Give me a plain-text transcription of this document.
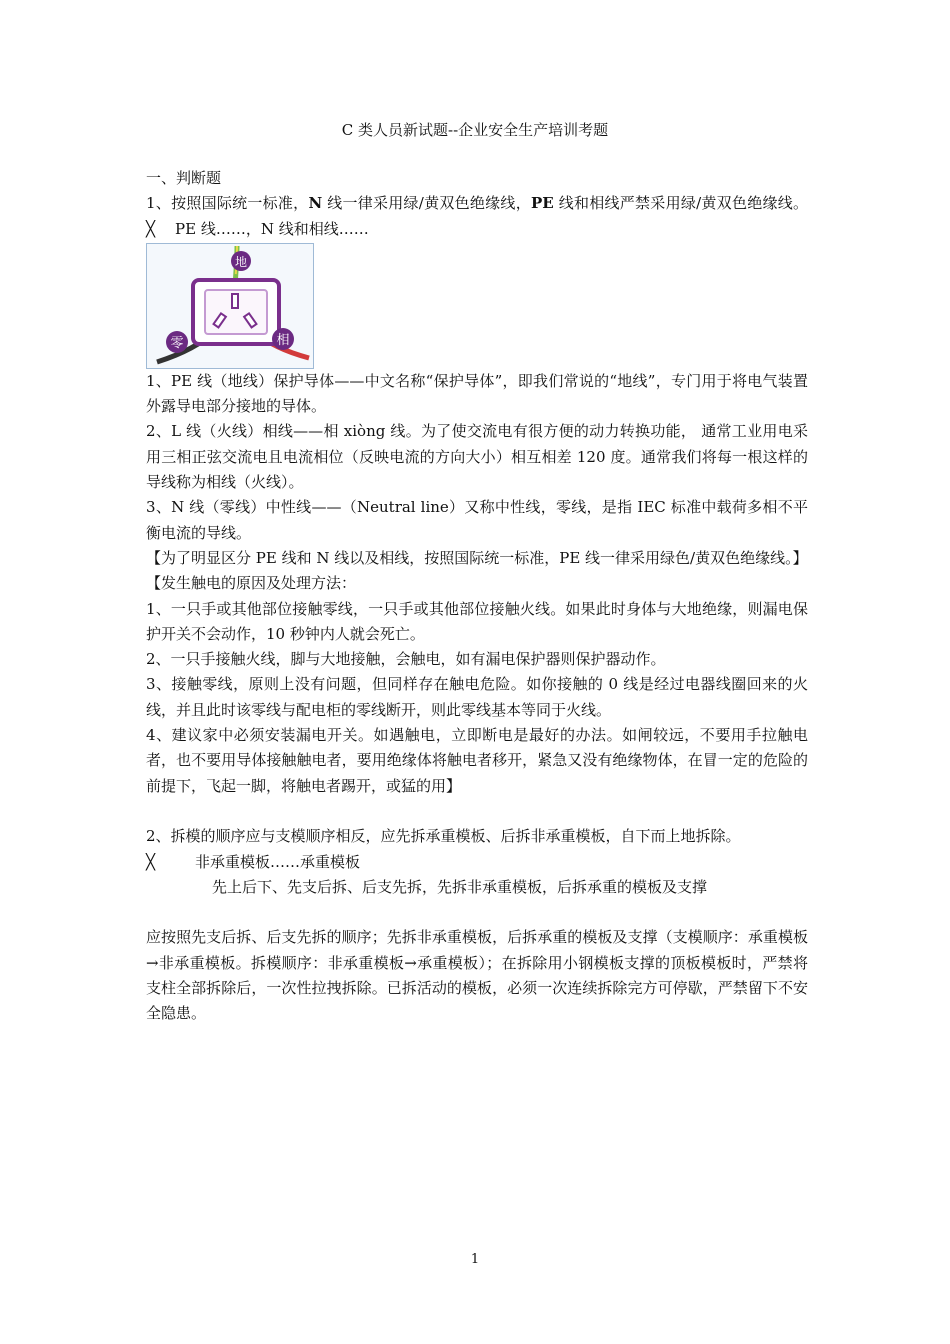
C 类人员新试题--企业安全生产培训考题

一、判断题

1、按照国际统一标准，N 线一律采用绿/黄双色绝缘线，PE 线和相线严禁采用绿/黄双色绝缘线。╳ PE 线……，N 线和相线……

地
零	相

1、PE 线（地线）保护导体——中文名称“保护导体”，即我们常说的“地线”，专门用于将电气装置外露导电部分接地的导体。

2、L 线（火线）相线——相 xiòng 线。为了使交流电有很方便的动力转换功能， 通常工业用电采用三相正弦交流电且电流相位（反映电流的方向大小）相互相差 120 度。通常我们将每一根这样的导线称为相线（火线）。

3、N 线（零线）中性线——（Neutral line）又称中性线，零线，是指 IEC 标准中载荷多相不平衡电流的导线。

【为了明显区分 PE 线和 N 线以及相线，按照国际统一标准，PE 线一律采用绿色/黄双色绝缘线。】

【发生触电的原因及处理方法：

1、一只手或其他部位接触零线，一只手或其他部位接触火线。如果此时身体与大地绝缘，则漏电保护开关不会动作，10 秒钟内人就会死亡。

2、一只手接触火线，脚与大地接触，会触电，如有漏电保护器则保护器动作。

3、接触零线，原则上没有问题，但同样存在触电危险。如你接触的 0 线是经过电器线圈回来的火线，并且此时该零线与配电柜的零线断开，则此零线基本等同于火线。

4、建议家中必须安装漏电开关。如遇触电，立即断电是最好的办法。如闸较远，不要用手拉触电者，也不要用导体接触触电者，要用绝缘体将触电者移开，紧急又没有绝缘物体，在冒一定的危险的前提下，飞起一脚，将触电者踢开，或猛的用】

2、拆模的顺序应与支模顺序相反，应先拆承重模板、后拆非承重模板，自下而上地拆除。

╳	非承重模板……承重模板

先上后下、先支后拆、后支先拆，先拆非承重模板，后拆承重的模板及支撑

应按照先支后拆、后支先拆的顺序；先拆非承重模板，后拆承重的模板及支撑（支模顺序：承重模板→非承重模板。拆模顺序：非承重模板→承重模板）；在拆除用小钢模板支撑的顶板模板时，严禁将支柱全部拆除后，一次性拉拽拆除。已拆活动的模板，必须一次连续拆除完方可停歇，严禁留下不安全隐患。

1
